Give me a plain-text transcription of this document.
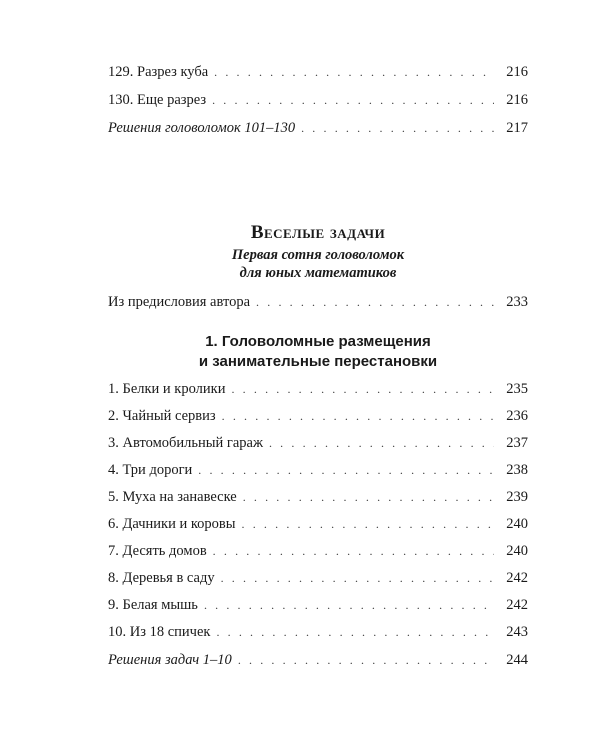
129. Разрез куба . . .	216
130. Еще разрез . . .	216
Решения головоломок 101–130 . . .	217
Веселые задачи
Первая сотня головоломок
для юных математиков
Из предисловия автора . . .	233
1. Головоломные размещения
и занимательные перестановки
1. Белки и кролики . . .	235
2. Чайный сервиз . . .	236
3. Автомобильный гараж . . .	237
4. Три дороги . . .	238
5. Муха на занавеске . . .	239
6. Дачники и коровы . . .	240
7. Десять домов . . .	240
8. Деревья в саду . . .	242
9. Белая мышь . . .	242
10. Из 18 спичек . . .	243
Решения задач 1–10 . . .	244
